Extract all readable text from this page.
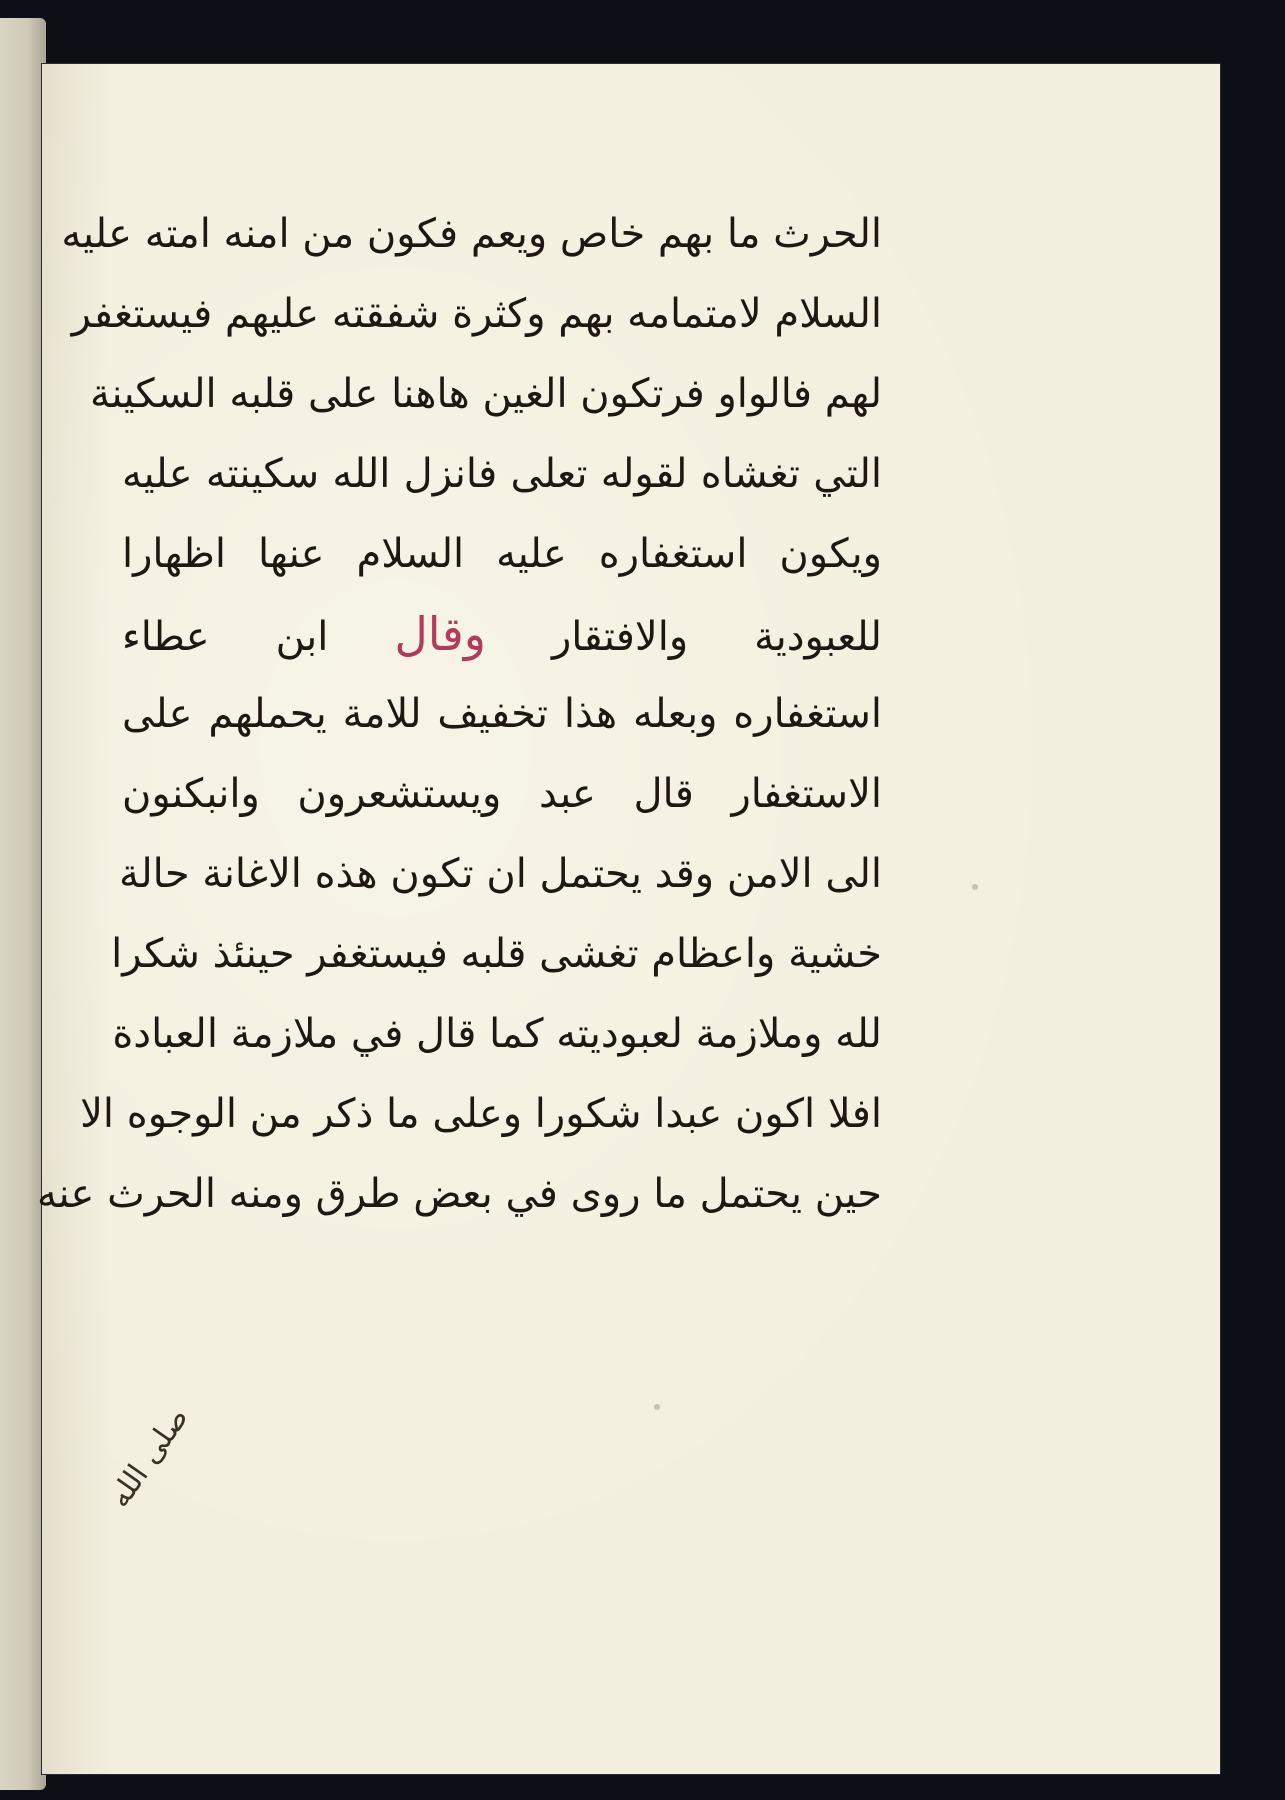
الحرث ما بهم خاص ويعم فكون من امنه امته عليه
السلام لامتمامه بهم وكثرة شفقته عليهم فيستغفر
لهم فالواو فرتكون الغين هاهنا على قلبه السكينة
التي تغشاه لقوله تعلى فانزل الله سكينته عليه
ويكون استغفاره عليه السلام عنها اظهارا
للعبودية والافتقار وقال ابن عطاء
استغفاره وبعله هذا تخفيف للامة يحملهم على
الاستغفار قال عبد ويستشعرون وانبكنون
الى الامن وقد يحتمل ان تكون هذه الاغانة حالة
خشية واعظام تغشى قلبه فيستغفر حينئذ شكرا
لله وملازمة لعبوديته كما قال في ملازمة العبادة
افلا اكون عبدا شكورا وعلى ما ذكر من الوجوه الا
حين يحتمل ما روى في بعض طرق ومنه الحرث عنه
صلى الله
